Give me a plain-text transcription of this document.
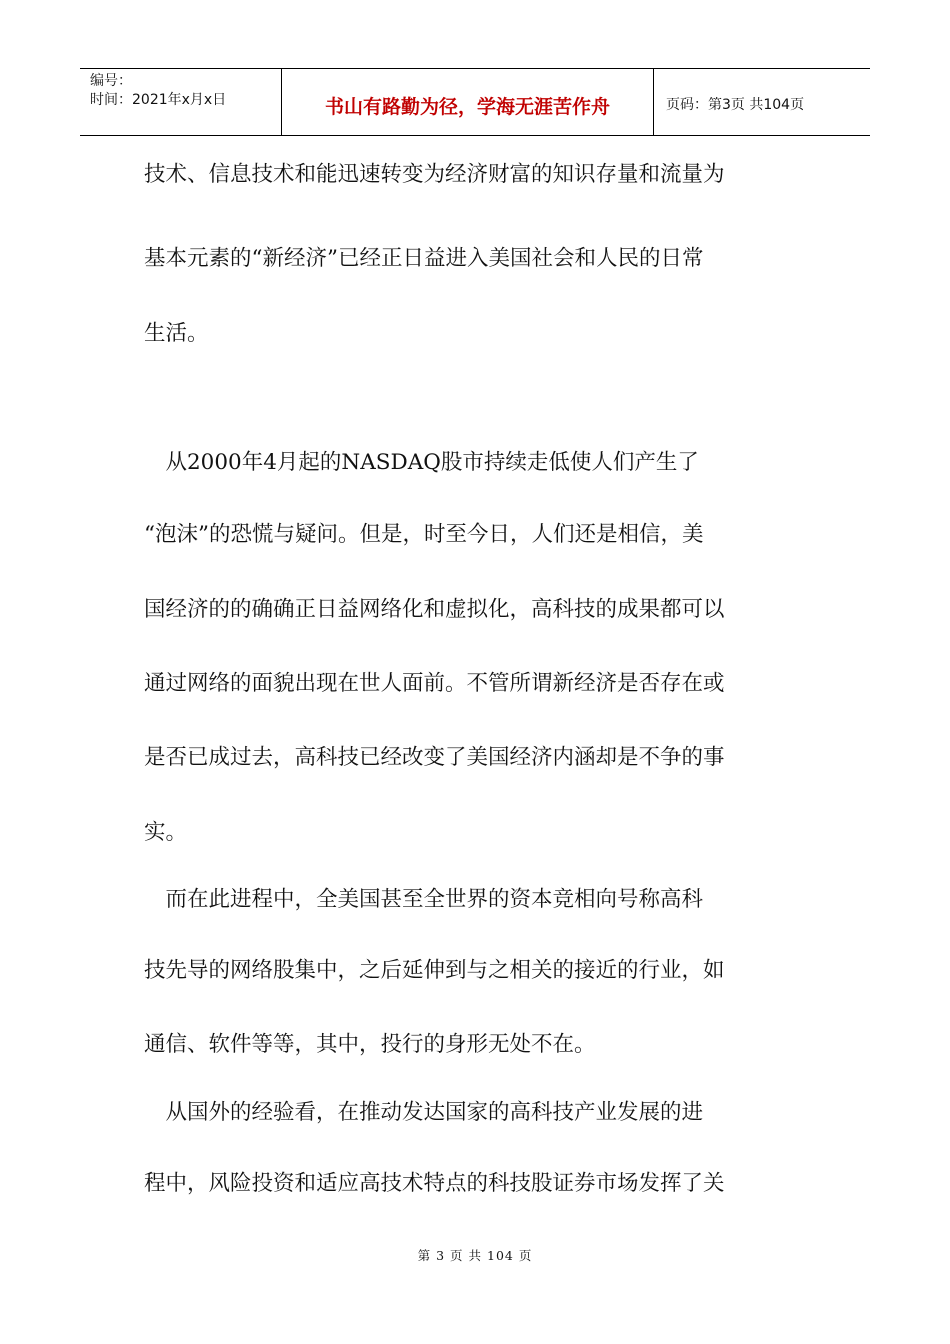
编号：
时间：2021年x月x日	书山有路勤为径，学海无涯苦作舟	页码：第3页 共104页
技术、信息技术和能迅速转变为经济财富的知识存量和流量为
基本元素的“新经济”已经正日益进入美国社会和人民的日常
生活。
　从2000年4月起的NASDAQ股市持续走低使人们产生了
“泡沫”的恐慌与疑问。但是，时至今日，人们还是相信，美
国经济的的确确正日益网络化和虚拟化，高科技的成果都可以
通过网络的面貌出现在世人面前。不管所谓新经济是否存在或
是否已成过去，高科技已经改变了美国经济内涵却是不争的事
实。
　而在此进程中，全美国甚至全世界的资本竞相向号称高科
技先导的网络股集中，之后延伸到与之相关的接近的行业，如
通信、软件等等，其中，投行的身形无处不在。
　从国外的经验看，在推动发达国家的高科技产业发展的进
程中，风险投资和适应高技术特点的科技股证券市场发挥了关
第 3 页 共 104 页
